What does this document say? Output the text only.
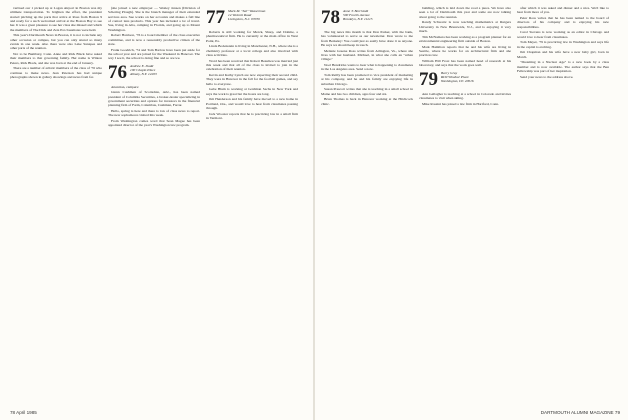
vertised our 1 picked up at Logan Airport in Boston was my ultimate transportation. To brighten the effort, the president started pitching up the parts that arrive at Ross from Boston 9 and ready for a such welcomed arrival at the Boston Bay to see her. It was a great pleasure to see her class she missed and which the members of The Dick and Zeta Psi classmates were held.

This year's Dartmouth News in Boston, it is not to include any other occasion or campus, but you can only attend so many events in one week. Also there were also Lake Sunapee and other parts of the reunion.

Not to be Bumbury, Conn. Anne and Rick Black have asked their members to that governing family. Her name is Winton Peters, Rick Black, and she was born at the end of January.

There are a number of artistic members of the class of '76 who continue to make news. Jean Peterson has had unique photographs shown in gallery showings and news from far.

(she joined a new employer — Wesley Jensen (Division of Schering Plough). She is the branch manager of their extended services area. Sue works on her accounts and makes a full line of contact lens products. This year has included a lot of travel. Sue, living in Alta, camping in Florida, and going up to Mount Washington.

Robert Harrison, '76 is a board member of the class executive committee, and is now a reasonably productive citizen of the state.

Frank Goodrich, '74 and Tom Barlow have been put aside for the school year and are joined for the Weekend in Hanover. The way I see it, the school is doing fine and so are we.

76 Andrew E. Dodd
100 Chapin Place
Albany, N.Y. 12203

Attention, campers:

Glenn Cushman of Scottsdale, Ariz., has been named president of Columbia Securities, a broker-dealer specializing in government securities and options for investors in the financial planning firm of Farm, Columbus, Cushman, Farrar.

Hello, spring is here and there is lots of class news to report. The new sophomores visited this week.

From Washington comes word that Sean Magee has been appointed director of the year's Washington law program.

77 Mark M. "Sal" Wasserman
14 Wolcott Road
Livingston, N.J. 07039

Roberts is still working for Merck, Sharp, and Dohme, a pharmaceutical firm. He is currently at the main office in West Point, Pa.

Linda Bodenstein is living in Manchester, N.H., where she is a chemistry professor at a local college and also involved with class activities.

Word has been received that Robert Beaulieu was married just this week and that all of the class is invited to join in the celebration of their reunion.

Kevin and Kathy Lynch are now expecting their second child. They were in Hanover in the fall for the football games, and say hello to everyone.

Gabe Blum is working at Goldman Sachs in New York and says the work is great but the hours are long.

Jim Henderson and his family have moved to a new home in Portland, Ore., and would love to hear from classmates passing through.

Jack Wooster reports that he is practicing law in a small firm in Vermont.

78 April 1985
78 Anne T. Berchtold
500 Fourth Avenue
Brooklyn, N.Y. 11215

The big news this month is that Don Parker, with the bank, has volunteered to serve as our newsletter. Don wrote to me from Berkeley: You could just as easily have done it as anyone. He says we should keep in touch.

Melanie Greene Ross writes from Arlington, Va., where she lives with her husband. Michael, in what she calls an "urban village."

Noel Hendricks wants to hear what is happening to classmates in the Los Angeles area. Send a note.

Tom Reilly has been promoted to vice president of marketing at his company, and he and his family are enjoying life in suburban Chicago.

Susan Prescott writes that she is teaching in a small school in Maine and has two children, ages four and six.

Brian Thomas is back in Hanover working at the Hitchcock clinic.

building, which is laid down the road a piece. We have also seen a lot of Dartmouth this year and some are now talking about going to the reunion.

Randy Schwartz is now teaching mathematics at Rutgers University in New Brunswick, N.J., and is enjoying it very much.

Tim McNamara has been working as a program planner for an environmental engineering firm outside of Boston.

Mark Hamilton reports that he and his wife are living in Seattle, where he works for an architectural firm and she practices law.

William Hill Frost has been named head of research at his laboratory, and says that the work goes well.

79 Barry Gray
RD9 Windsor Place
Washington, DC 20016

Ann Gallagher is teaching at a school in Colorado and invites classmates to visit when skiing.

Mike Rossini has joined a law firm in Hartford, Conn.

after which it was asked and dinner and a nice. We'd like to hear from more of you.

Peter Ross writes that he has been named to the board of directors of his company and is enjoying his new responsibilities.

Carol Stevens is now working as an editor in Chicago and would love to hear from classmates.

Tom Meyer, '79 is practicing law in Washington and says life in the capital is exciting.

Jim Chapman and his wife have a new baby girl, born in March.

"Dreaming in a Nuclear Age" is a new book by a class member and is now available. The author says that the Ben Fellowship was part of her inspiration.

Send your news to the address above.

DARTMOUTH ALUMNI MAGAZINE 79
